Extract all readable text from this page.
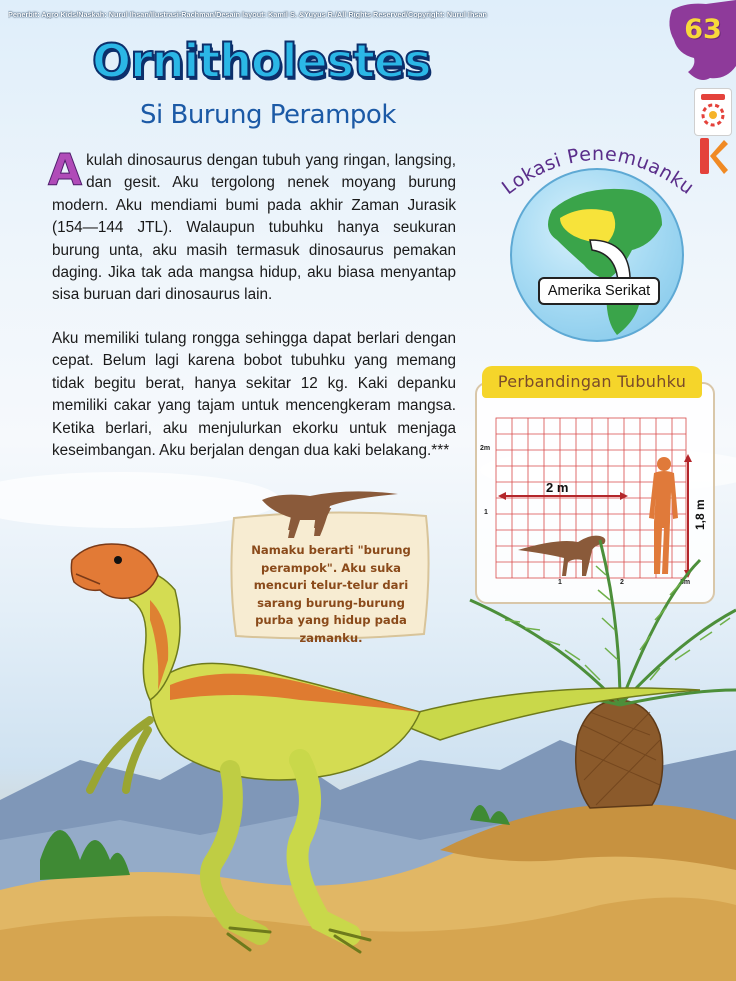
Penerbit: Agro Kids/Naskah: Nurul Ihsan/Ilustrasi:Rachman/Desain layout: Kamil S. &Yuyus R./All Rights Reserved/Copyright: Nurul Ihsan	63
Ornitholestes
Si Burung Perampok
Akulah dinosaurus dengan tubuh yang ringan, langsing, dan gesit. Aku tergolong nenek moyang burung modern. Aku mendiami bumi pada akhir Zaman Jurasik (154—144 JTL). Walaupun tubuhku hanya seukuran burung unta, aku masih termasuk dinosaurus pemakan daging. Jika tak ada mangsa hidup, aku biasa menyantap sisa buruan dari dinosaurus lain.
Aku memiliki tulang rongga sehingga dapat berlari dengan cepat. Belum lagi karena bobot tubuhku yang memang tidak begitu berat, hanya sekitar 12 kg. Kaki depanku memiliki cakar yang tajam untuk mencengkeram mangsa. Ketika berlari, aku menjulurkan ekorku untuk menjaga keseimbangan. Aku berjalan dengan dua kaki belakang.***
Lokasi Penemuanku
Amerika Serikat
Perbandingan Tubuhku
2m
1
1	2	3m
2 m
1,8 m
Namaku berarti "burung perampok". Aku suka mencuri telur-telur dari sarang burung-burung purba yang hidup pada zamanku.
